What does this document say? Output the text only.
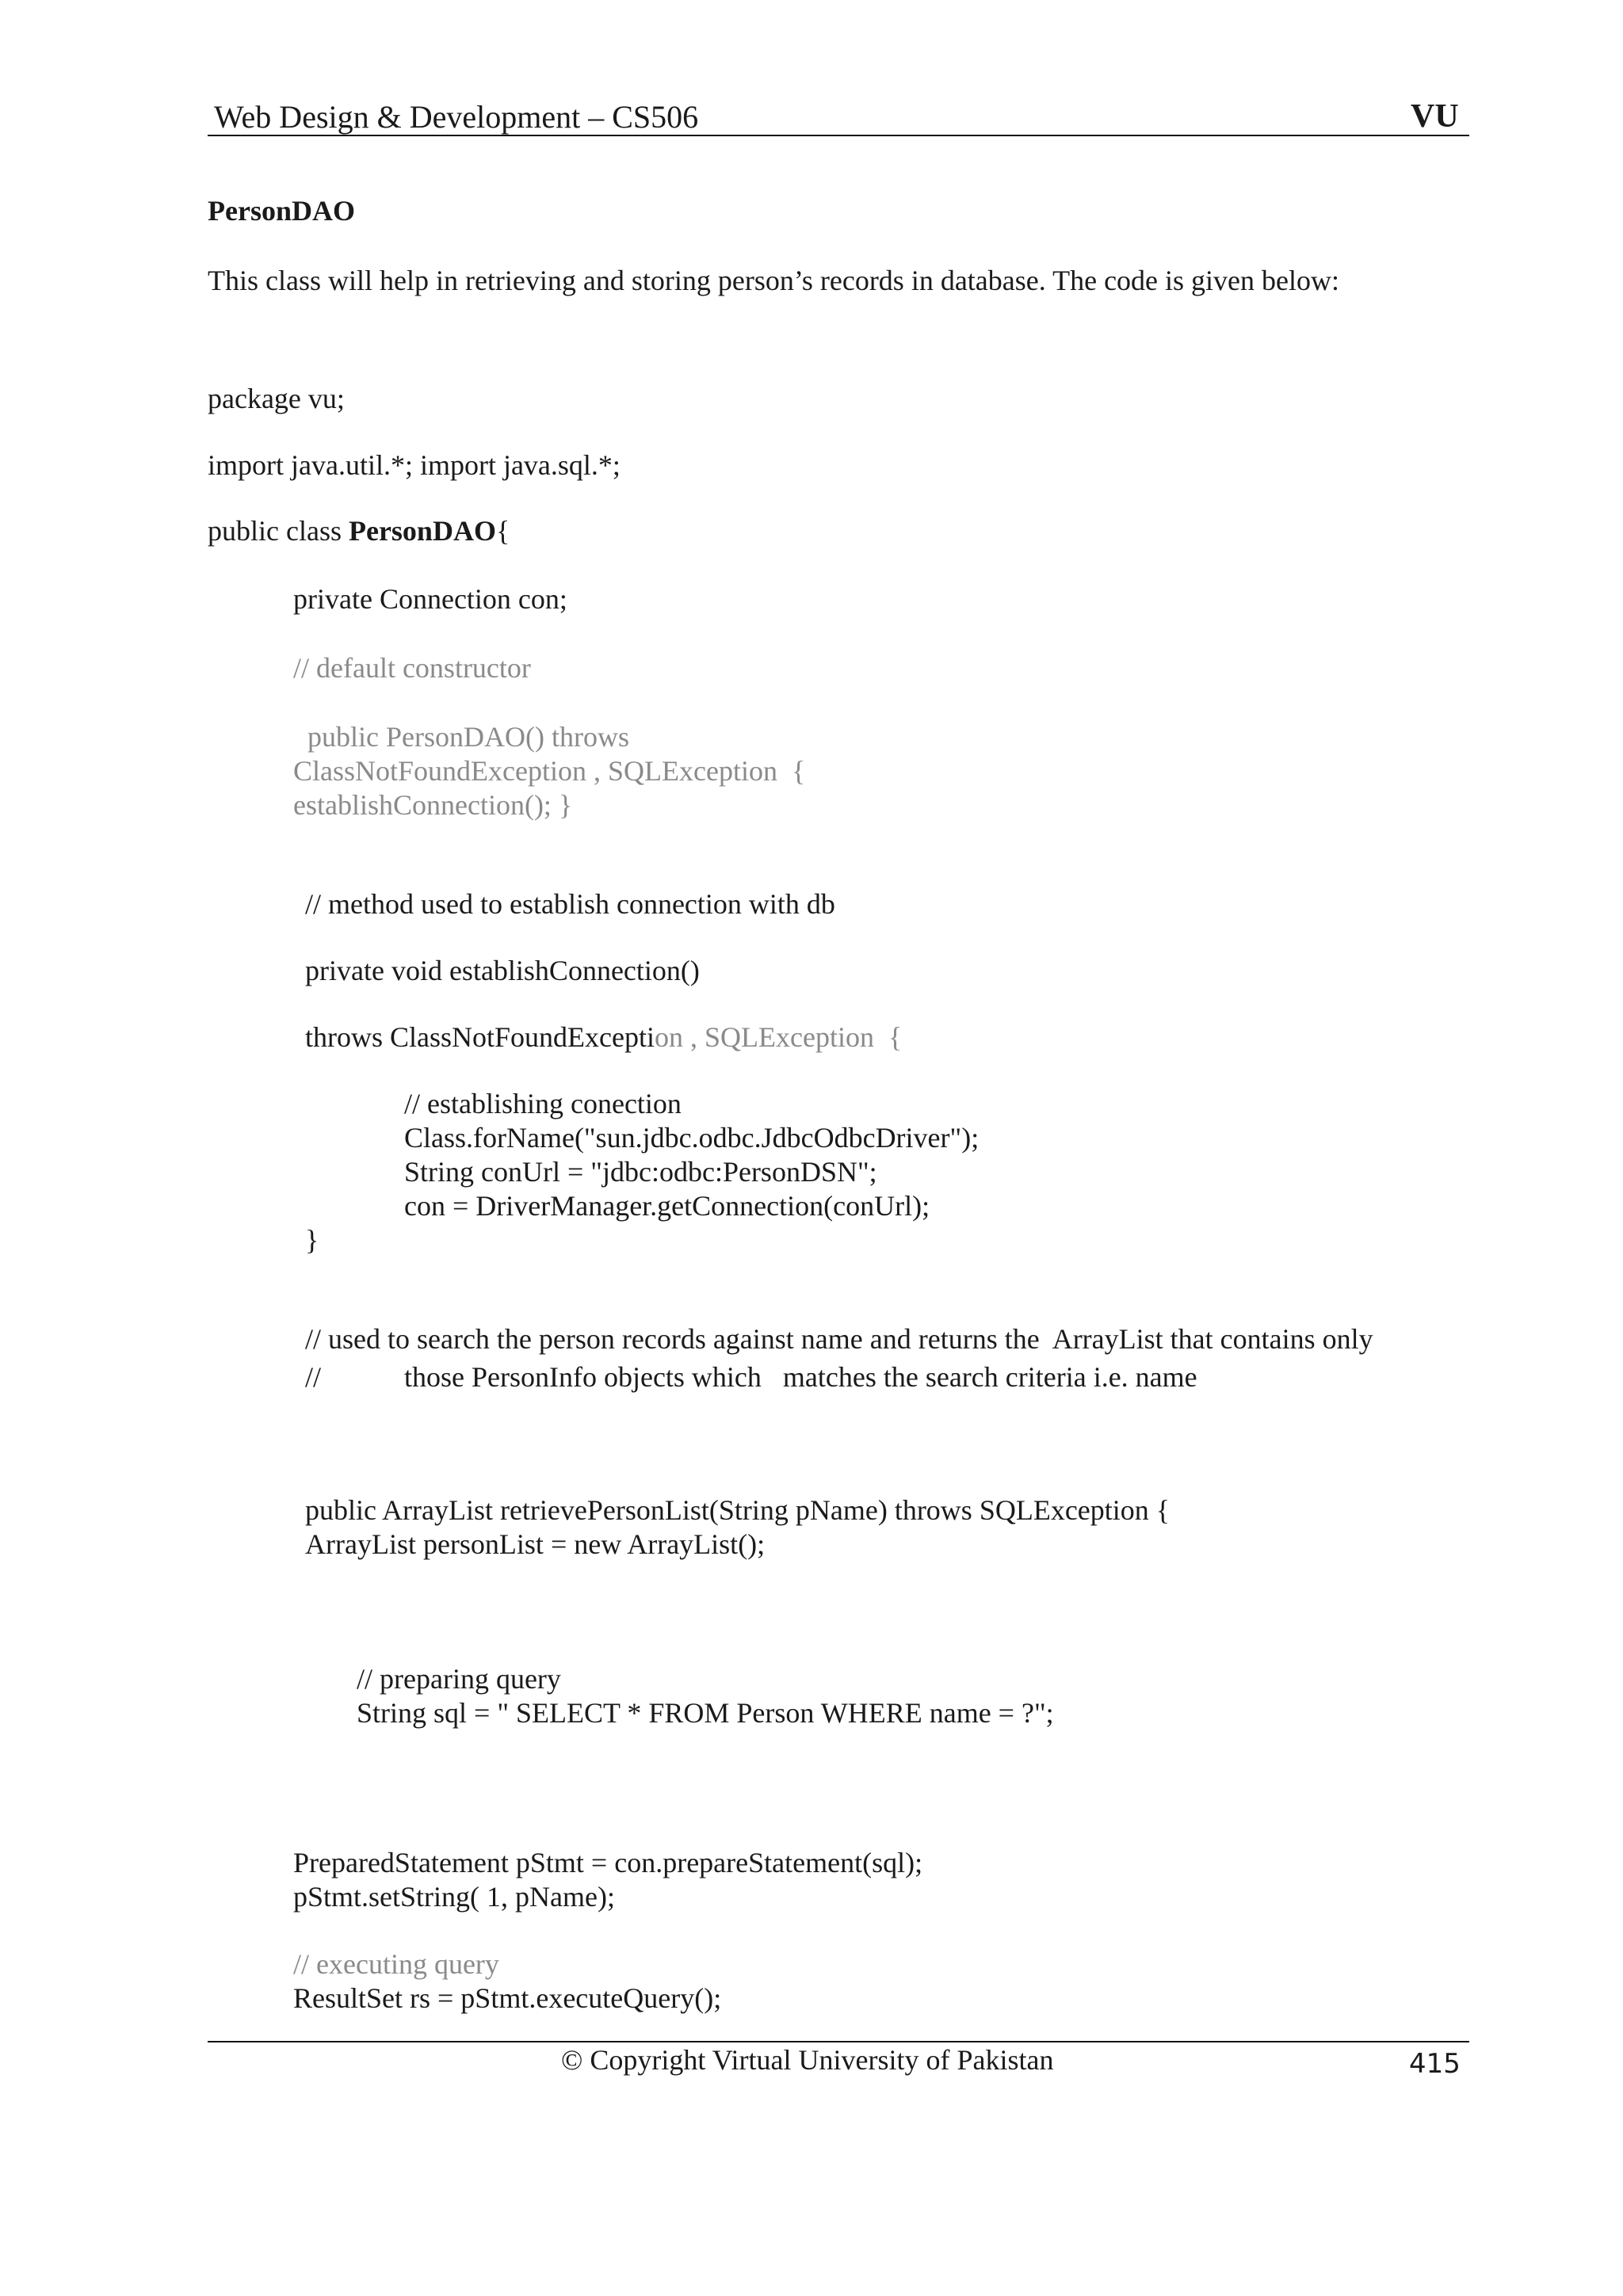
Web Design & Development – CS506	VU
PersonDAO
This class will help in retrieving and storing person’s records in database. The code is given below:
package vu;
import java.util.*; import java.sql.*;
public class PersonDAO{
private Connection con;
// default constructor
public PersonDAO() throws
ClassNotFoundException , SQLException  {
establishConnection(); }
// method used to establish connection with db
private void establishConnection()
throws ClassNotFoundException , SQLException  {
// establishing conection
Class.forName("sun.jdbc.odbc.JdbcOdbcDriver");
String conUrl = "jdbc:odbc:PersonDSN";
con = DriverManager.getConnection(conUrl);
}
// used to search the person records against name and returns the  ArrayList that contains only
//	those PersonInfo objects which   matches the search criteria i.e. name
public ArrayList retrievePersonList(String pName) throws SQLException {
ArrayList personList = new ArrayList();
// preparing query
String sql = " SELECT * FROM Person WHERE name = ?";
PreparedStatement pStmt = con.prepareStatement(sql);
pStmt.setString( 1, pName);
// executing query
ResultSet rs = pStmt.executeQuery();
© Copyright Virtual University of Pakistan	415
